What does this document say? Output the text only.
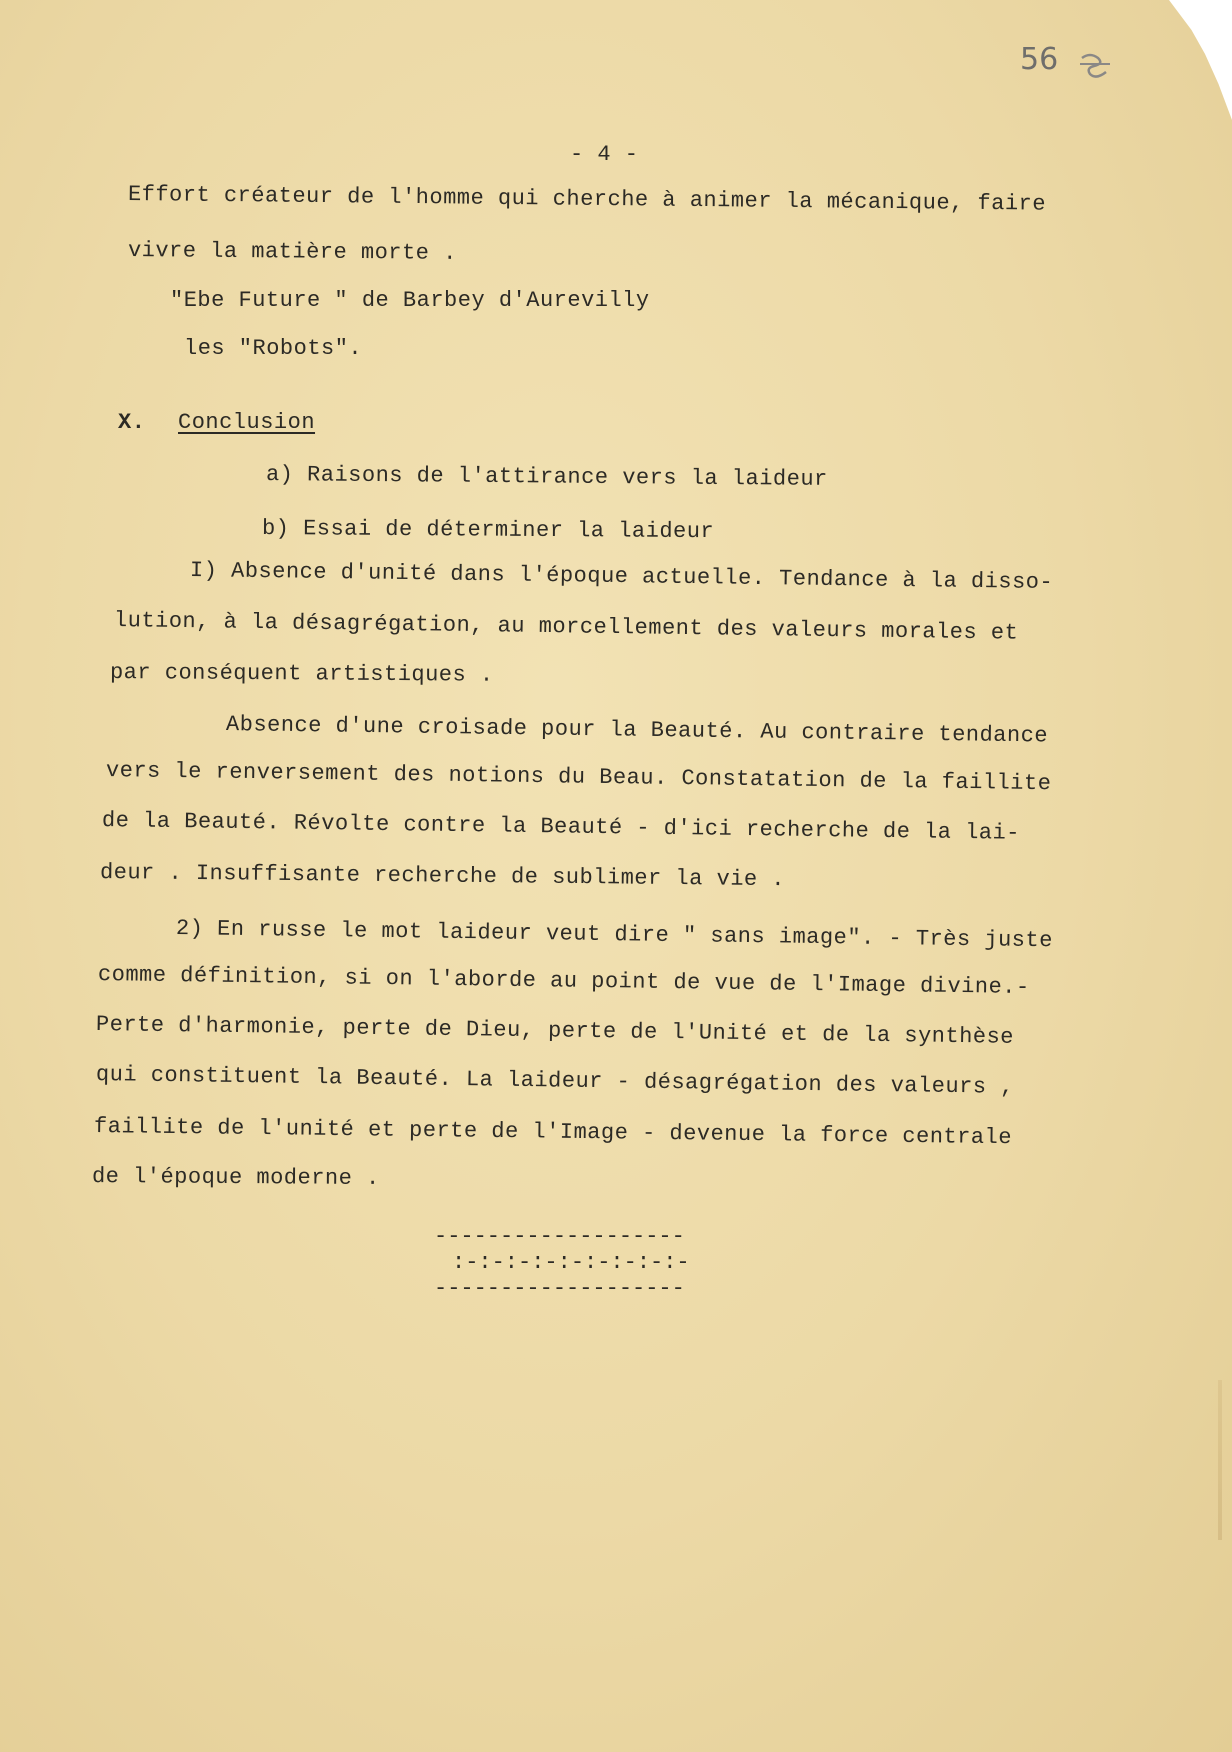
56
- 4 -
Effort créateur de l'homme qui cherche à animer la mécanique, faire
vivre la matière morte .
"Ebe Future " de Barbey d'Aurevilly
les "Robots".
X. Conclusion
a) Raisons de l'attirance vers la laideur
b) Essai de déterminer la laideur
I) Absence d'unité dans l'époque actuelle. Tendance à la disso-
lution, à la désagrégation, au morcellement des valeurs morales et
par conséquent artistiques .
Absence d'une croisade pour la Beauté. Au contraire tendance
vers le renversement des notions du Beau. Constatation de la faillite
de la Beauté. Révolte contre la Beauté - d'ici recherche de la lai-
deur . Insuffisante recherche de sublimer la vie .
2) En russe le mot laideur veut dire " sans image". - Très juste
comme définition, si on l'aborde au point de vue de l'Image divine.-
Perte d'harmonie, perte de Dieu, perte de l'Unité et de la synthèse
qui constituent la Beauté. La laideur - désagrégation des valeurs ,
faillite de l'unité et perte de l'Image - devenue la force centrale
de l'époque moderne .
-------------------
:-:-:-:-:-:-:-:-:-
-------------------
